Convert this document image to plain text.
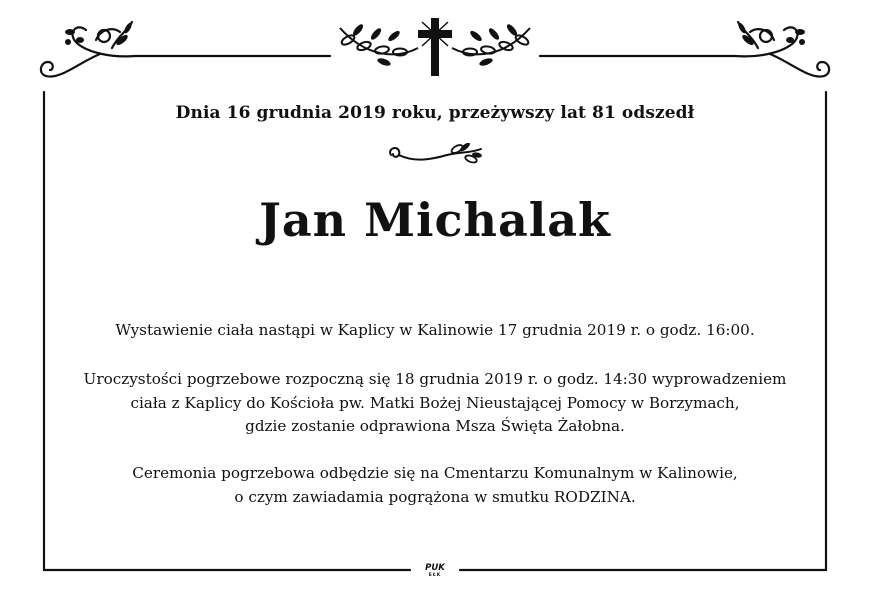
Dnia 16 grudnia 2019 roku, przeżywszy lat 81 odszedł
Jan Michalak
Wystawienie ciała nastąpi w Kaplicy w Kalinowie 17 grudnia 2019 r. o godz. 16:00.
Uroczystości pogrzebowe rozpoczną się 18 grudnia 2019 r. o godz. 14:30 wyprowadzeniem
ciała z Kaplicy do Kościoła pw. Matki Bożej Nieustającej Pomocy w Borzymach,
gdzie zostanie odprawiona Msza Święta Żałobna.
Ceremonia pogrzebowa odbędzie się na Cmentarzu Komunalnym w Kalinowie,
o czym zawiadamia pogrążona w smutku RODZINA.
PUK
EŁK
